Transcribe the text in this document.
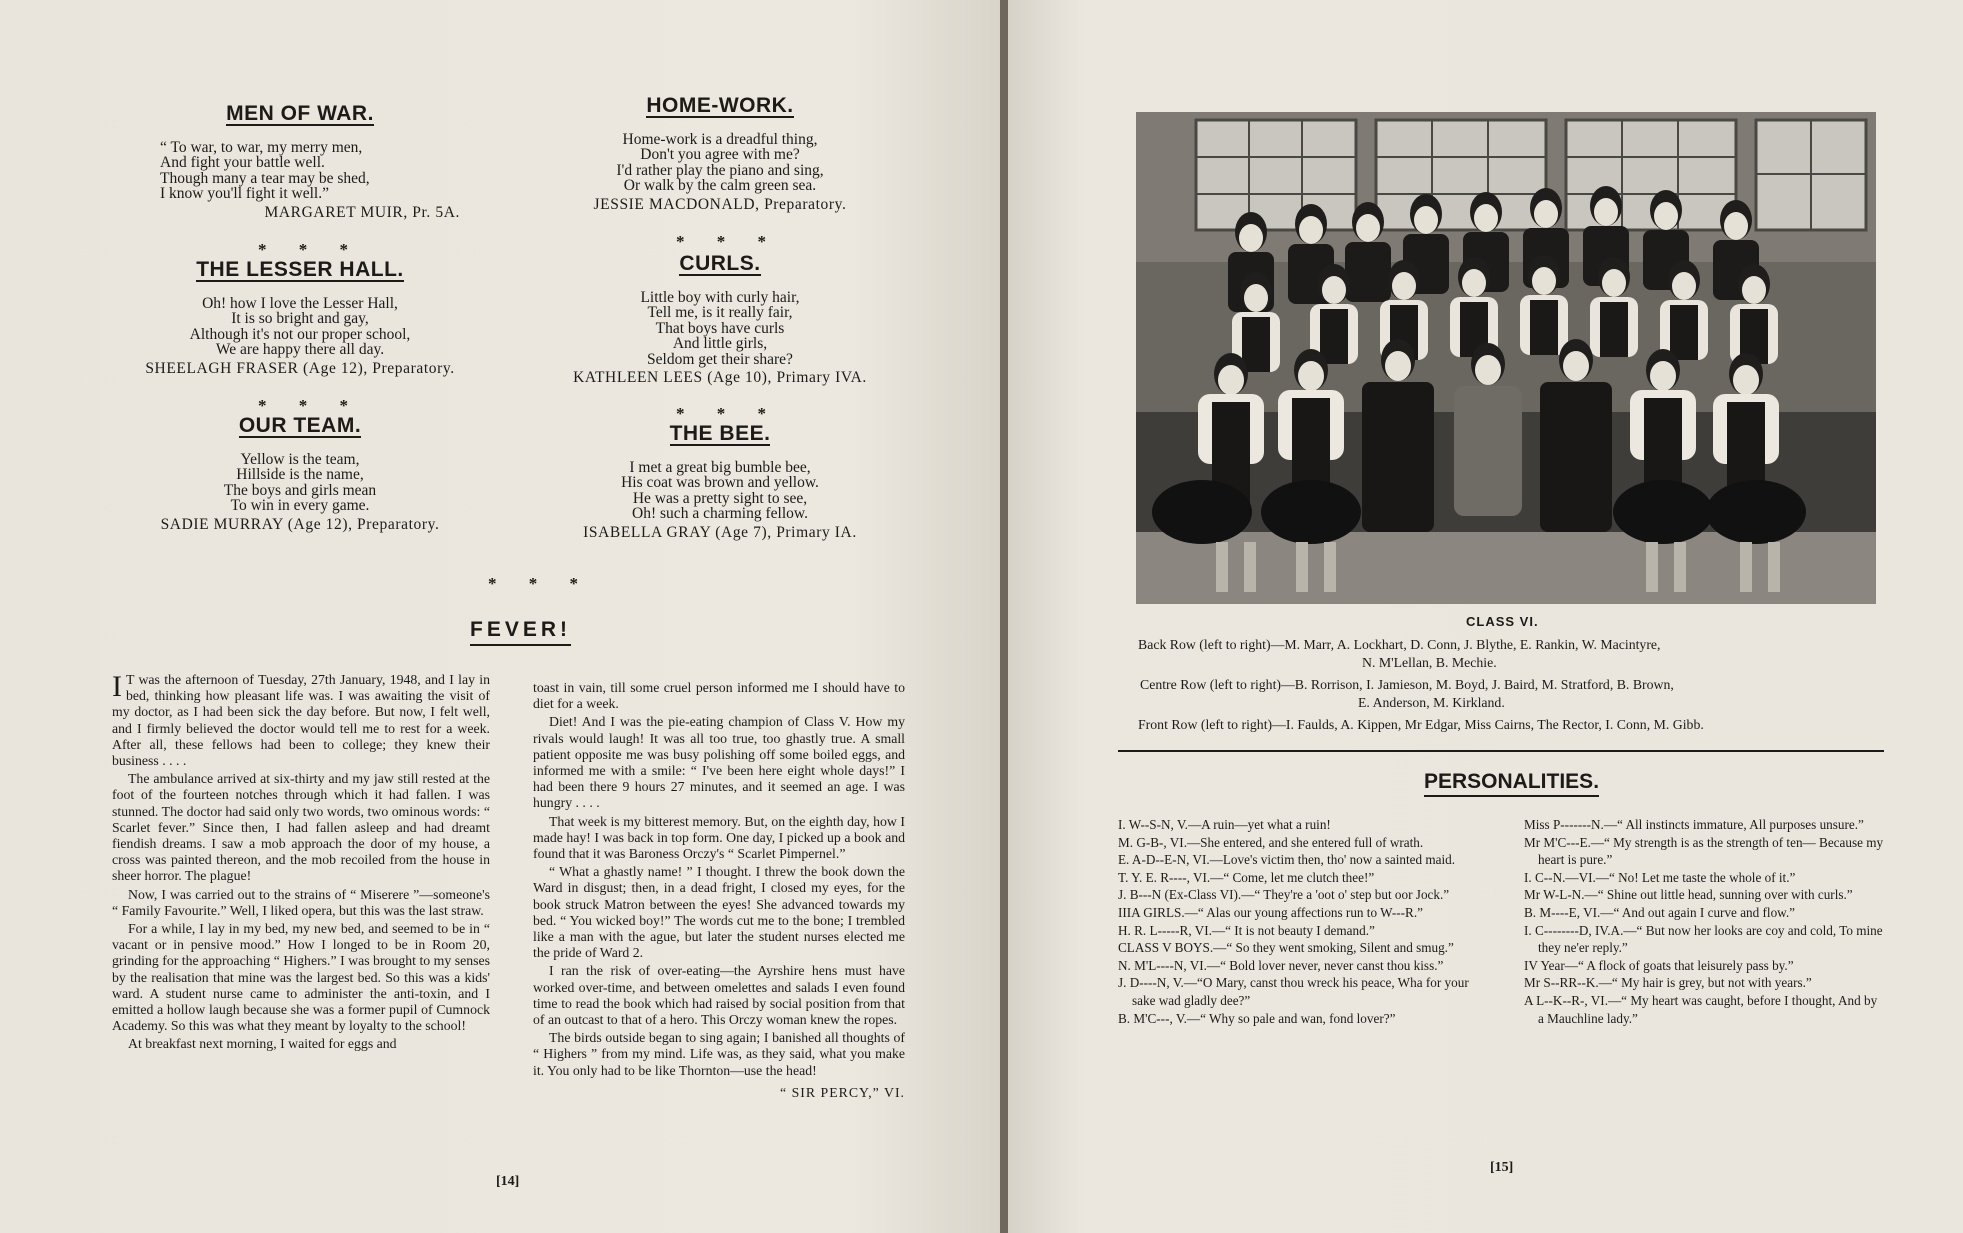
MEN OF WAR.
“ To war, to war, my merry men,
And fight your battle well.
Though many a tear may be shed,
I know you'll fight it well.”
MARGARET MUIR, Pr. 5A.
* * *
THE LESSER HALL.
Oh! how I love the Lesser Hall,
It is so bright and gay,
Although it's not our proper school,
We are happy there all day.
SHEELAGH FRASER (Age 12), Preparatory.
* * *
OUR TEAM.
Yellow is the team,
Hillside is the name,
The boys and girls mean
To win in every game.
SADIE MURRAY (Age 12), Preparatory.
HOME-WORK.
Home-work is a dreadful thing,
Don't you agree with me?
I'd rather play the piano and sing,
Or walk by the calm green sea.
JESSIE MACDONALD, Preparatory.
* * *
CURLS.
Little boy with curly hair,
Tell me, is it really fair,
That boys have curls
And little girls,
Seldom get their share?
KATHLEEN LEES (Age 10), Primary IVA.
* * *
THE BEE.
I met a great big bumble bee,
His coat was brown and yellow.
He was a pretty sight to see,
Oh! such a charming fellow.
ISABELLA GRAY (Age 7), Primary IA.
* * *
FEVER!

I T was the afternoon of Tuesday, 27th January, 1948, and I lay in bed, thinking how pleasant life was. I was awaiting the visit of my doctor, as I had been sick the day before. But now, I felt well, and I firmly believed the doctor would tell me to rest for a week. After all, these fellows had been to college; they knew their business . . . .

The ambulance arrived at six-thirty and my jaw still rested at the foot of the fourteen notches through which it had fallen. I was stunned. The doctor had said only two words, two ominous words: “ Scarlet fever.” Since then, I had fallen asleep and had dreamt fiendish dreams. I saw a mob approach the door of my house, a cross was painted thereon, and the mob recoiled from the house in sheer horror. The plague!

Now, I was carried out to the strains of “ Miserere ”—someone's “ Family Favourite.” Well, I liked opera, but this was the last straw.

For a while, I lay in my bed, my new bed, and seemed to be in “ vacant or in pensive mood.” How I longed to be in Room 20, grinding for the approaching “ Highers.” I was brought to my senses by the realisation that mine was the largest bed. So this was a kids' ward. A student nurse came to administer the anti-toxin, and I emitted a hollow laugh because she was a former pupil of Cumnock Academy. So this was what they meant by loyalty to the school!

At breakfast next morning, I waited for eggs and

toast in vain, till some cruel person informed me I should have to diet for a week.

Diet! And I was the pie-eating champion of Class V. How my rivals would laugh! It was all too true, too ghastly true. A small patient opposite me was busy polishing off some boiled eggs, and informed me with a smile: “ I've been here eight whole days!” I had been there 9 hours 27 minutes, and it seemed an age. I was hungry . . . .

That week is my bitterest memory. But, on the eighth day, how I made hay! I was back in top form. One day, I picked up a book and found that it was Baroness Orczy's “ Scarlet Pimpernel.”

“ What a ghastly name! ” I thought. I threw the book down the Ward in disgust; then, in a dead fright, I closed my eyes, for the book struck Matron between the eyes! She advanced towards my bed. “ You wicked boy!” The words cut me to the bone; I trembled like a man with the ague, but later the student nurses elected me the pride of Ward 2.

I ran the risk of over-eating—the Ayrshire hens must have worked over-time, and between omelettes and salads I even found time to read the book which had raised by social position from that of an outcast to that of a hero. This Orczy woman knew the ropes.

The birds outside began to sing again; I banished all thoughts of “ Highers ” from my mind. Life was, as they said, what you make it. You only had to be like Thornton—use the head!

“ SIR PERCY,” VI.
[14]
CLASS VI.
Back Row (left to right)—M. Marr, A. Lockhart, D. Conn, J. Blythe, E. Rankin, W. Macintyre,
N. M'Lellan, B. Mechie.
Centre Row (left to right)—B. Rorrison, I. Jamieson, M. Boyd, J. Baird, M. Stratford, B. Brown,
E. Anderson, M. Kirkland.
Front Row (left to right)—I. Faulds, A. Kippen, Mr Edgar, Miss Cairns, The Rector, I. Conn, M. Gibb.
PERSONALITIES.

I. W--S-N, V.—A ruin—yet what a ruin!

M. G-B-, VI.—She entered, and she entered full of wrath.

E. A-D--E-N, VI.—Love's victim then, tho' now a sainted maid.

T. Y. E. R----, VI.—“ Come, let me clutch thee!”

J. B---N (Ex-Class VI).—“ They're a 'oot o' step but oor Jock.”

IIIA GIRLS.—“ Alas our young affections run to W---R.”

H. R. L-----R, VI.—“ It is not beauty I demand.”

CLASS V BOYS.—“ So they went smoking, Silent and smug.”

N. M'L----N, VI.—“ Bold lover never, never canst thou kiss.”

J. D----N, V.—“O Mary, canst thou wreck his peace, Wha for your sake wad gladly dee?”

B. M'C---, V.—“ Why so pale and wan, fond lover?”

Miss P-------N.—“ All instincts immature, All purposes unsure.”

Mr M'C---E.—“ My strength is as the strength of ten— Because my heart is pure.”

I. C--N.—VI.—“ No! Let me taste the whole of it.”

Mr W-L-N.—“ Shine out little head, sunning over with curls.”

B. M----E, VI.—“ And out again I curve and flow.”

I. C--------D, IV.A.—“ But now her looks are coy and cold, To mine they ne'er reply.”

IV Year—“ A flock of goats that leisurely pass by.”

Mr S--RR--K.—“ My hair is grey, but not with years.”

A L--K--R-, VI.—“ My heart was caught, before I thought, And by a Mauchline lady.”

[15]
